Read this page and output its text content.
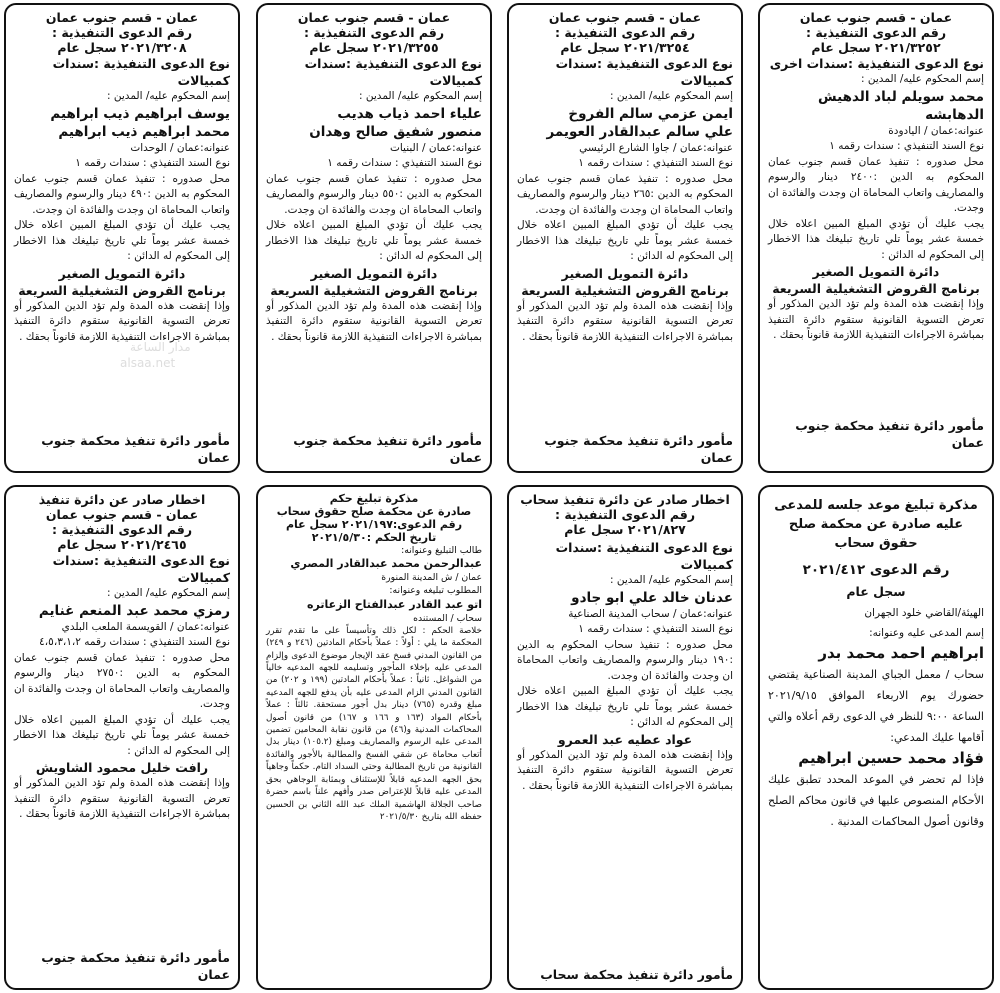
عمان - قسم جنوب عمان
رقم الدعوى التنفيذية :
٢٠٢١/٣٢٥٢ سجل عام
نوع الدعوى التنفيذية :سندات اخرى
إسم المحكوم عليه/ المدين :
محمد سويلم لباد الدهيش الدهابشه
عنوانه:عمان / اليادودة
نوع السند التنفيذي : سندات رقمه ١
محل صدوره : تنفيذ عمان قسم جنوب عمان المحكوم به الدين :٢٤٠٠ دينار والرسوم والمصاريف واتعاب المحاماة ان وجدت والفائدة ان وجدت.
يجب عليك أن تؤدي المبلغ المبين اعلاه خلال خمسة عشر يوماً تلي تاريخ تبليغك هذا الاخطار إلى المحكوم له الدائن :
دائرة التمويل الصغير
برنامج القروض التشغيلية السريعة
وإذا إنقضت هذه المدة ولم تؤد الدين المذكور أو تعرض التسوية القانونية ستقوم دائرة التنفيذ بمباشرة الاجراءات التنفيذية اللازمة قانوناً بحقك .
مأمور دائرة تنفيذ محكمة جنوب عمان
عمان - قسم جنوب عمان
رقم الدعوى التنفيذية :
٢٠٢١/٣٢٥٤ سجل عام
نوع الدعوى التنفيذية :سندات كمبيالات
إسم المحكوم عليه/ المدين :
ايمن عزمي سالم الفروخ
علي سالم عبدالقادر العويمر
عنوانه:عمان / جاوا الشارع الرئيسي
نوع السند التنفيذي : سندات رقمه ١
محل صدوره : تنفيذ عمان قسم جنوب عمان المحكوم به الدين :٢٦٥ دينار والرسوم والمصاريف واتعاب المحاماة ان وجدت والفائدة ان وجدت.
يجب عليك أن تؤدي المبلغ المبين اعلاه خلال خمسة عشر يوماً تلي تاريخ تبليغك هذا الاخطار إلى المحكوم له الدائن :
دائرة التمويل الصغير
برنامج القروض التشغيلية السريعة
وإذا إنقضت هذه المدة ولم تؤد الدين المذكور أو تعرض التسوية القانونية ستقوم دائرة التنفيذ بمباشرة الاجراءات التنفيذية اللازمة قانوناً بحقك .
مأمور دائرة تنفيذ محكمة جنوب عمان
عمان - قسم جنوب عمان
رقم الدعوى التنفيذية :
٢٠٢١/٣٢٥٥ سجل عام
نوع الدعوى التنفيذية :سندات كمبيالات
إسم المحكوم عليه/ المدين :
علياء احمد ذياب هديب
منصور شفيق صالح وهدان
عنوانه:عمان / البنيات
نوع السند التنفيذي : سندات رقمه ١
محل صدوره : تنفيذ عمان قسم جنوب عمان المحكوم به الدين :٥٥٠ دينار والرسوم والمصاريف واتعاب المحاماة ان وجدت والفائدة ان وجدت.
يجب عليك أن تؤدي المبلغ المبين اعلاه خلال خمسة عشر يوماً تلي تاريخ تبليغك هذا الاخطار إلى المحكوم له الدائن :
دائرة التمويل الصغير
برنامج القروض التشغيلية السريعة
وإذا إنقضت هذه المدة ولم تؤد الدين المذكور أو تعرض التسوية القانونية ستقوم دائرة التنفيذ بمباشرة الاجراءات التنفيذية اللازمة قانوناً بحقك .
مأمور دائرة تنفيذ محكمة جنوب عمان
عمان - قسم جنوب عمان
رقم الدعوى التنفيذية :
٢٠٢١/٣٢٠٨ سجل عام
نوع الدعوى التنفيذية :سندات كمبيالات
إسم المحكوم عليه/ المدين :
يوسف ابراهيم ذيب ابراهيم
محمد ابراهيم ذيب ابراهيم
عنوانه:عمان / الوحدات
نوع السند التنفيذي : سندات رقمه ١
محل صدوره : تنفيذ عمان قسم جنوب عمان المحكوم به الدين :٤٩٠ دينار والرسوم والمصاريف واتعاب المحاماة ان وجدت والفائدة ان وجدت.
يجب عليك أن تؤدي المبلغ المبين اعلاه خلال خمسة عشر يوماً تلي تاريخ تبليغك هذا الاخطار إلى المحكوم له الدائن :
دائرة التمويل الصغير
برنامج القروض التشغيلية السريعة
وإذا إنقضت هذه المدة ولم تؤد الدين المذكور أو تعرض التسوية القانونية ستقوم دائرة التنفيذ بمباشرة الاجراءات التنفيذية اللازمة قانوناً بحقك .
مأمور دائرة تنفيذ محكمة جنوب عمان
مذكرة تبليغ موعد جلسه للمدعى عليه صادرة عن محكمة صلح حقوق سحاب
رقم الدعوى ٢٠٢١/٤١٢
سجل عام
الهيئة/القاضي خلود الجهران
إسم المدعى عليه وعنوانه:
ابراهيم احمد محمد بدر
سحاب / معمل الجباي المدينة الصناعية يقتضي حضورك يوم الاربعاء الموافق ٢٠٢١/٩/١٥ الساعة ٩:٠٠ للنظر في الدعوى رقم أعلاه والتي أقامها عليك المدعي:
فؤاد محمد حسين ابراهيم
فإذا لم تحضر في الموعد المحدد تطبق عليك الأحكام المنصوص عليها في قانون محاكم الصلح وقانون أصول المحاكمات المدنية .
اخطار صادر عن دائرة تنفيذ سحاب
رقم الدعوى التنفيذية :
٢٠٢١/٨٢٧ سجل عام
نوع الدعوى التنفيذية :سندات كمبيالات
إسم المحكوم عليه/ المدين :
عدنان خالد علي ابو جادو
عنوانه:عمان / سحاب المدينة الصناعية
نوع السند التنفيذي : سندات رقمه ١
محل صدوره : تنفيذ سحاب المحكوم به الدين :١٩٠ دينار والرسوم والمصاريف واتعاب المحاماة ان وجدت والفائدة ان وجدت.
يجب عليك أن تؤدي المبلغ المبين اعلاه خلال خمسة عشر يوماً تلي تاريخ تبليغك هذا الاخطار إلى المحكوم له الدائن :
عواد عطيه عبد العمرو
وإذا إنقضت هذه المدة ولم تؤد الدين المذكور أو تعرض التسوية القانونية ستقوم دائرة التنفيذ بمباشرة الاجراءات التنفيذية اللازمة قانوناً بحقك .
مأمور دائرة تنفيذ محكمة سحاب
مذكرة تبليغ حكم
صادرة عن محكمة صلح حقوق سحاب
رقم الدعوى:٢٠٢١/١٩٧ سجل عام
تاريخ الحكم :٢٠٢١/٥/٣٠
طالب التبليغ وعنوانه:
عبدالرحمن محمد عبدالقادر المصري
عمان / ش المدينة المنورة
المطلوب تبليغه وعنوانه:
اتو عبد القادر عبدالفتاح الزعاتره
سحاب / المستنده
خلاصة الحكم : لكل ذلك وتأسيساً على ما تقدم تقرر المحكمة ما يلي : أولاً : عملاً بأحكام المادتين (٢٤٦ و ٢٤٩) من القانون المدني فسخ عقد الإيجار موضوع الدعوى وإلزام المدعى عليه بإخلاء المأجور وتسليمه للجهه المدعيه خالياً من الشواغل. ثانياً : عملاً بأحكام المادتين (١٩٩ و ٢٠٢) من القانون المدني الزام المدعى عليه بأن يدفع للجهه المدعيه مبلغ وقدره (٧٦٥) دينار بدل أجور مستحقة. ثالثاً : عملاً بأحكام المواد (١٦٣ و ١٦٦ و ١٦٧) من قانون أصول المحاكمات المدنية و(٤٦) من قانون نقابة المحامين تضمين المدعى عليه الرسوم والمصاريف ومبلغ (١٠٥.٢) دينار بدل أتعاب محاماة عن شقي الفسخ والمطالبة بالأجور والفائدة القانونية من تاريخ المطالبة وحتى السداد التام. حكماً وجاهياً بحق الجهه المدعيه قابلاً للإستئناف وبمثابة الوجاهي بحق المدعى عليه قابلاً للإعتراض صدر وأفهم علناً باسم حضرة صاحب الجلالة الهاشمية الملك عبد الله الثاني بن الحسين حفظه الله بتاريخ ٢٠٢١/٥/٣٠
اخطار صادر عن دائرة تنفيذ
عمان - قسم جنوب عمان
رقم الدعوى التنفيذية :
٢٠٢١/٢٤٦٥ سجل عام
نوع الدعوى التنفيذية :سندات كمبيالات
إسم المحكوم عليه/ المدين :
رمزي محمد عبد المنعم غنايم
عنوانه:عمان / القويسمة الملعب البلدي
نوع السند التنفيذي : سندات رقمه ٤،٥،٣،١،٢
محل صدوره : تنفيذ عمان قسم جنوب عمان المحكوم به الدين :٢٧٥٠ دينار والرسوم والمصاريف واتعاب المحاماة ان وجدت والفائدة ان وجدت.
يجب عليك أن تؤدي المبلغ المبين اعلاه خلال خمسة عشر يوماً تلي تاريخ تبليغك هذا الاخطار إلى المحكوم له الدائن :
رافت خليل محمود الشاويش
وإذا إنقضت هذه المدة ولم تؤد الدين المذكور أو تعرض التسوية القانونية ستقوم دائرة التنفيذ بمباشرة الاجراءات التنفيذية اللازمة قانوناً بحقك .
مأمور دائرة تنفيذ محكمة جنوب عمان
مدار الساعة
alsaa.net
